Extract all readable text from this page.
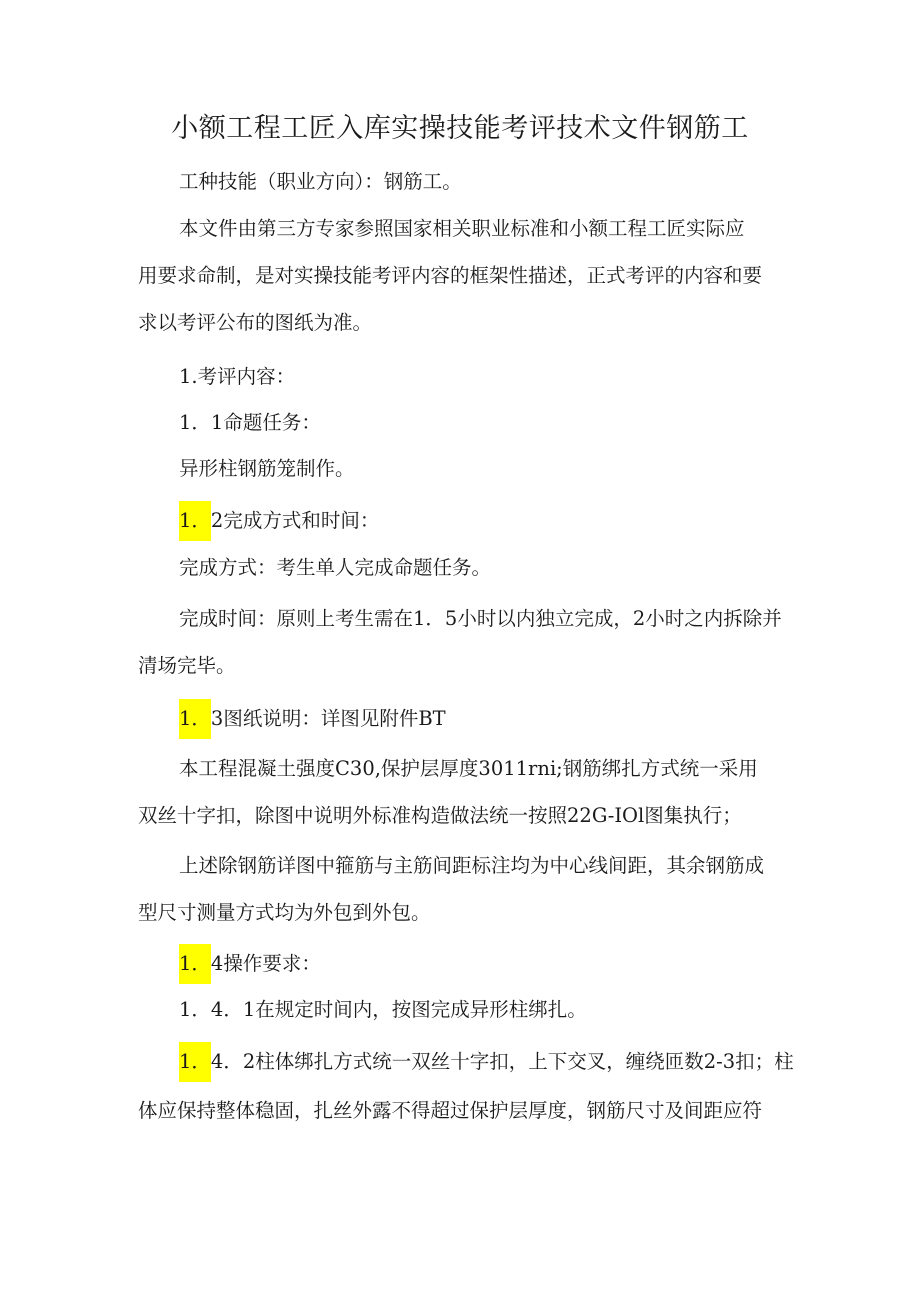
小额工程工匠入库实操技能考评技术文件钢筋工
工种技能（职业方向）：钢筋工。
本文件由第三方专家参照国家相关职业标准和小额工程工匠实际应
用要求命制，是对实操技能考评内容的框架性描述，正式考评的内容和要
求以考评公布的图纸为准。
1.考评内容：
1．1命题任务：
异形柱钢筋笼制作。
1．2完成方式和时间：
完成方式：考生单人完成命题任务。
完成时间：原则上考生需在1．5小时以内独立完成，2小时之内拆除并
清场完毕。
1．3图纸说明：详图见附件BT
本工程混凝土强度C30,保护层厚度3011rni;钢筋绑扎方式统一采用
双丝十字扣，除图中说明外标准构造做法统一按照22G-IOl图集执行；
上述除钢筋详图中箍筋与主筋间距标注均为中心线间距，其余钢筋成
型尺寸测量方式均为外包到外包。
1．4操作要求：
1．4．1在规定时间内，按图完成异形柱绑扎。
1．4．2柱体绑扎方式统一双丝十字扣，上下交叉，缠绕匝数2-3扣；柱
体应保持整体稳固，扎丝外露不得超过保护层厚度，钢筋尺寸及间距应符
